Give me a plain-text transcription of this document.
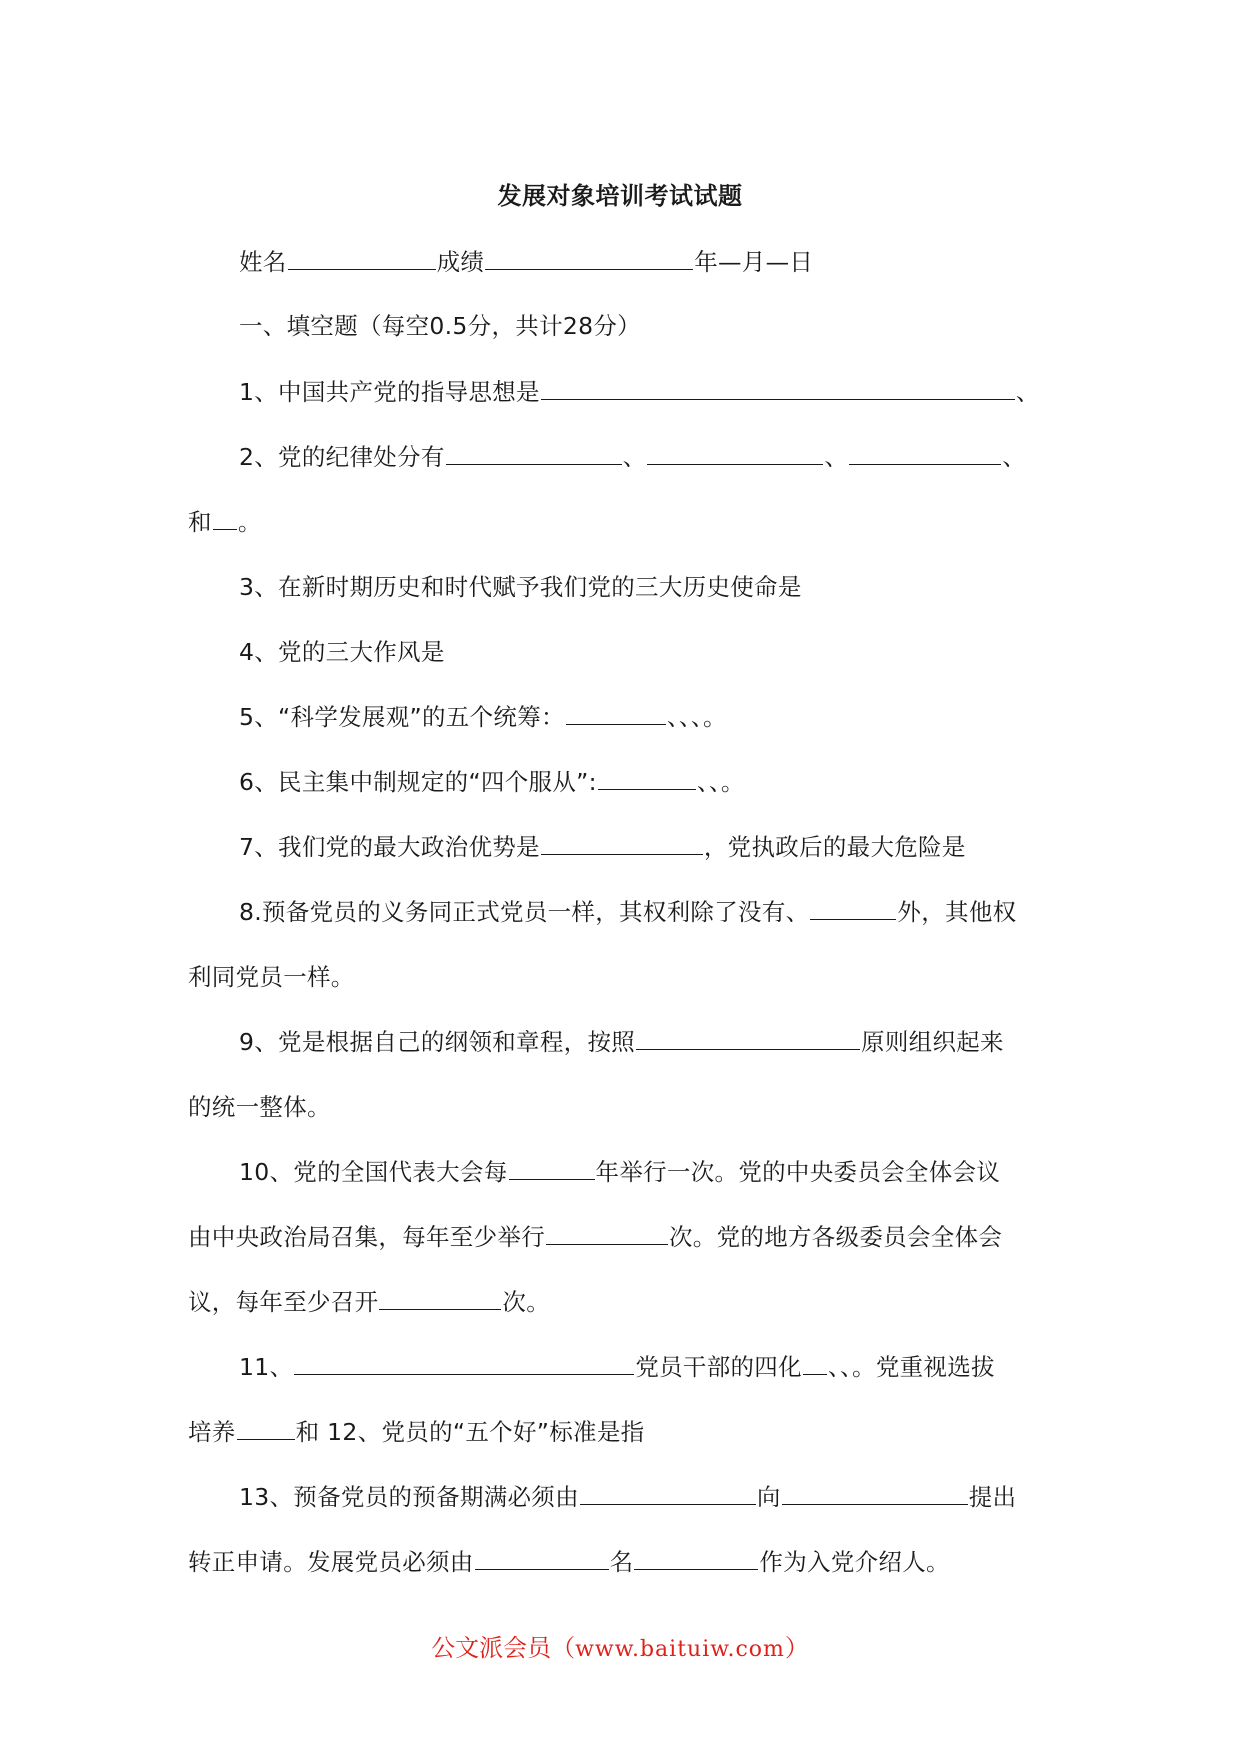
发展对象培训考试试题
姓名	成绩	年—月—日
一、填空题（每空0.5分，共计28分）
1、中国共产党的指导思想是	、
2、党的纪律处分有	、	、	、
和 。
3、在新时期历史和时代赋予我们党的三大历史使命是
4、党的三大作风是
5、“科学发展观”的五个统筹：	、、、。
6、民主集中制规定的“四个服从”:	、、。
7、我们党的最大政治优势是	，党执政后的最大危险是
8.预备党员的义务同正式党员一样，其权利除了没有、	外，其他权
利同党员一样。
9、党是根据自己的纲领和章程，按照	原则组织起来
的统一整体。
10、党的全国代表大会每	年举行一次。党的中央委员会全体会议
由中央政治局召集，每年至少举行	次。党的地方各级委员会全体会
议，每年至少召开	次。
11、	党员干部的四化 、、。党重视选拔
培养	和 12、党员的“五个好”标准是指
13、预备党员的预备期满必须由	向	提出
转正申请。发展党员必须由	名	作为入党介绍人。
公文派会员（www.baituiw.com）
